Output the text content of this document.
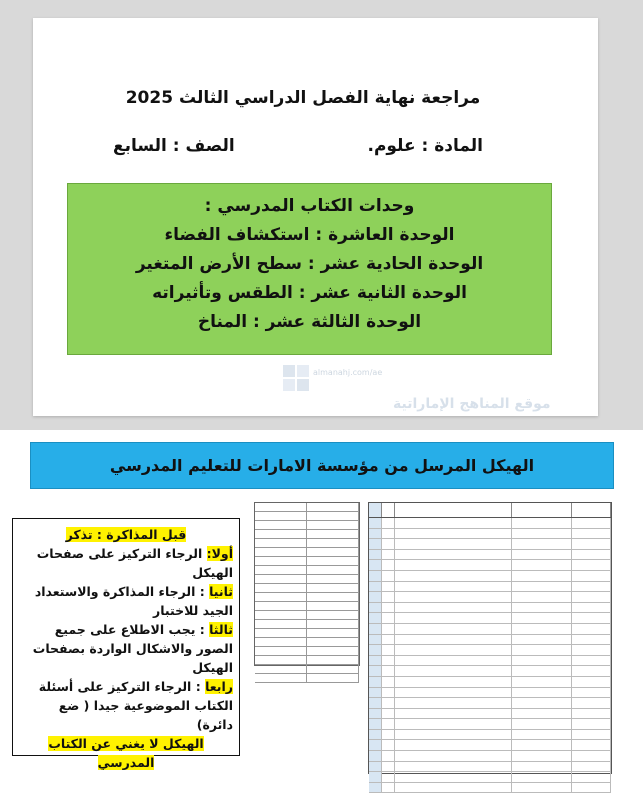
مراجعة نهاية الفصل الدراسي الثالث 2025
المادة : علوم.
الصف : السابع
وحدات الكتاب المدرسي :
الوحدة العاشرة : استكشاف الفضاء
الوحدة الحادية عشر : سطح الأرض المتغير
الوحدة الثانية عشر : الطقس وتأثيراته
الوحدة الثالثة عشر : المناخ
almanahj.com/ae
موقع المناهج الإماراتية
الهيكل المرسل من مؤسسة الامارات للتعليم المدرسي
قبل المذاكرة : تذكر
أولا: الرجاء التركيز على صفحات الهيكل
ثانيا : الرجاء المذاكرة والاستعداد الجيد للاختبار
ثالثا : يجب الاطلاع على جميع الصور والاشكال الواردة بصفحات الهيكل
رابعا : الرجاء التركيز على أسئلة الكتاب الموضوعية جيدا ( ضع دائرة)
الهيكل لا يغني عن الكتاب المدرسي
